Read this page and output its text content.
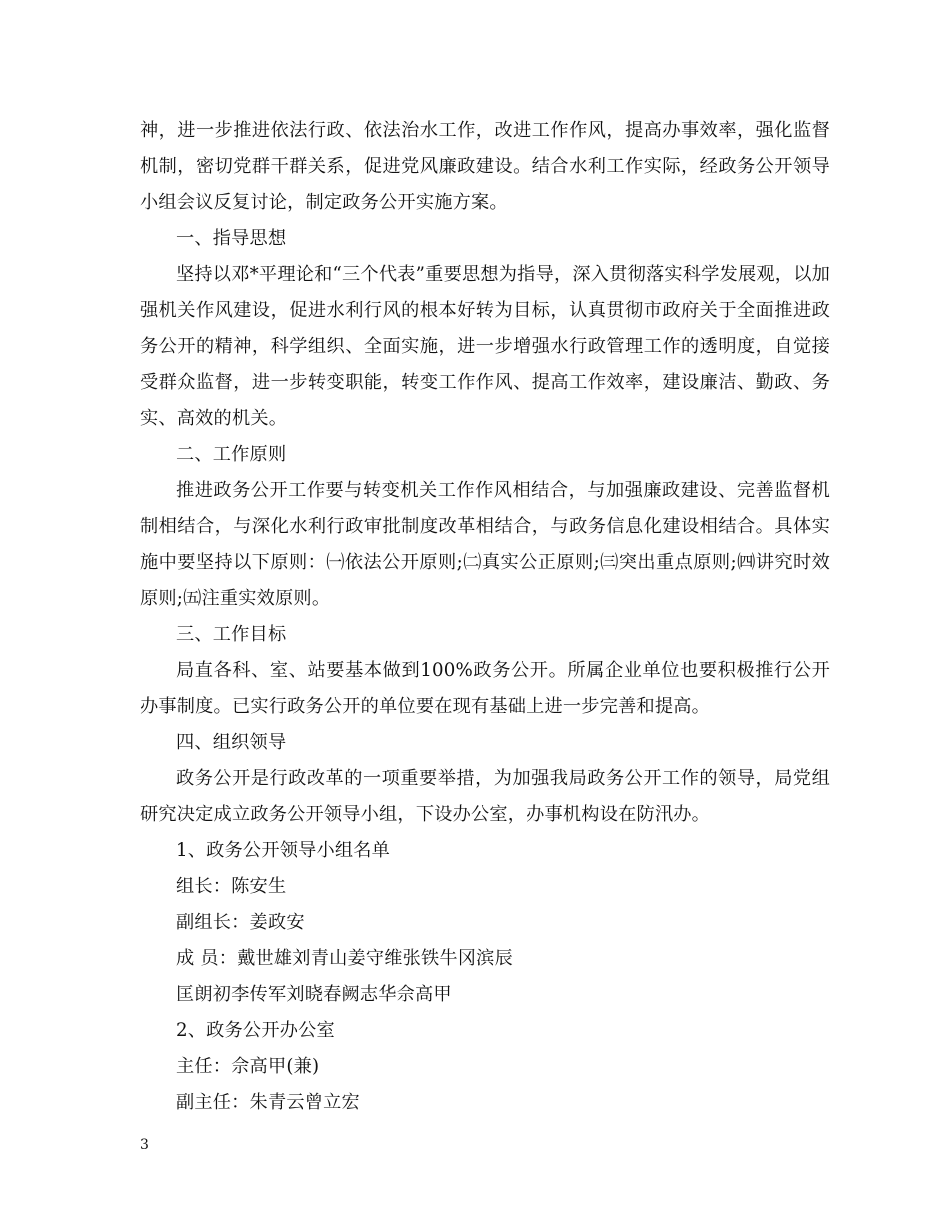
神，进一步推进依法行政、依法治水工作，改进工作作风，提高办事效率，强化监督机制，密切党群干群关系，促进党风廉政建设。结合水利工作实际，经政务公开领导小组会议反复讨论，制定政务公开实施方案。

一、指导思想

坚持以邓*平理论和“三个代表”重要思想为指导，深入贯彻落实科学发展观，以加强机关作风建设，促进水利行风的根本好转为目标，认真贯彻市政府关于全面推进政务公开的精神，科学组织、全面实施，进一步增强水行政管理工作的透明度，自觉接受群众监督，进一步转变职能，转变工作作风、提高工作效率，建设廉洁、勤政、务实、高效的机关。

二、工作原则

推进政务公开工作要与转变机关工作作风相结合，与加强廉政建设、完善监督机制相结合，与深化水利行政审批制度改革相结合，与政务信息化建设相结合。具体实施中要坚持以下原则：㈠依法公开原则;㈡真实公正原则;㈢突出重点原则;㈣讲究时效原则;㈤注重实效原则。

三、工作目标

局直各科、室、站要基本做到100%政务公开。所属企业单位也要积极推行公开办事制度。已实行政务公开的单位要在现有基础上进一步完善和提高。

四、组织领导

政务公开是行政改革的一项重要举措，为加强我局政务公开工作的领导，局党组研究决定成立政务公开领导小组，下设办公室，办事机构设在防汛办。

1、政务公开领导小组名单

组长：陈安生

副组长：姜政安

成 员：戴世雄刘青山姜守维张铁牛冈滨辰

匡朗初李传军刘晓春阙志华佘高甲

2、政务公开办公室

主任：佘高甲(兼)

副主任：朱青云曾立宏

3
